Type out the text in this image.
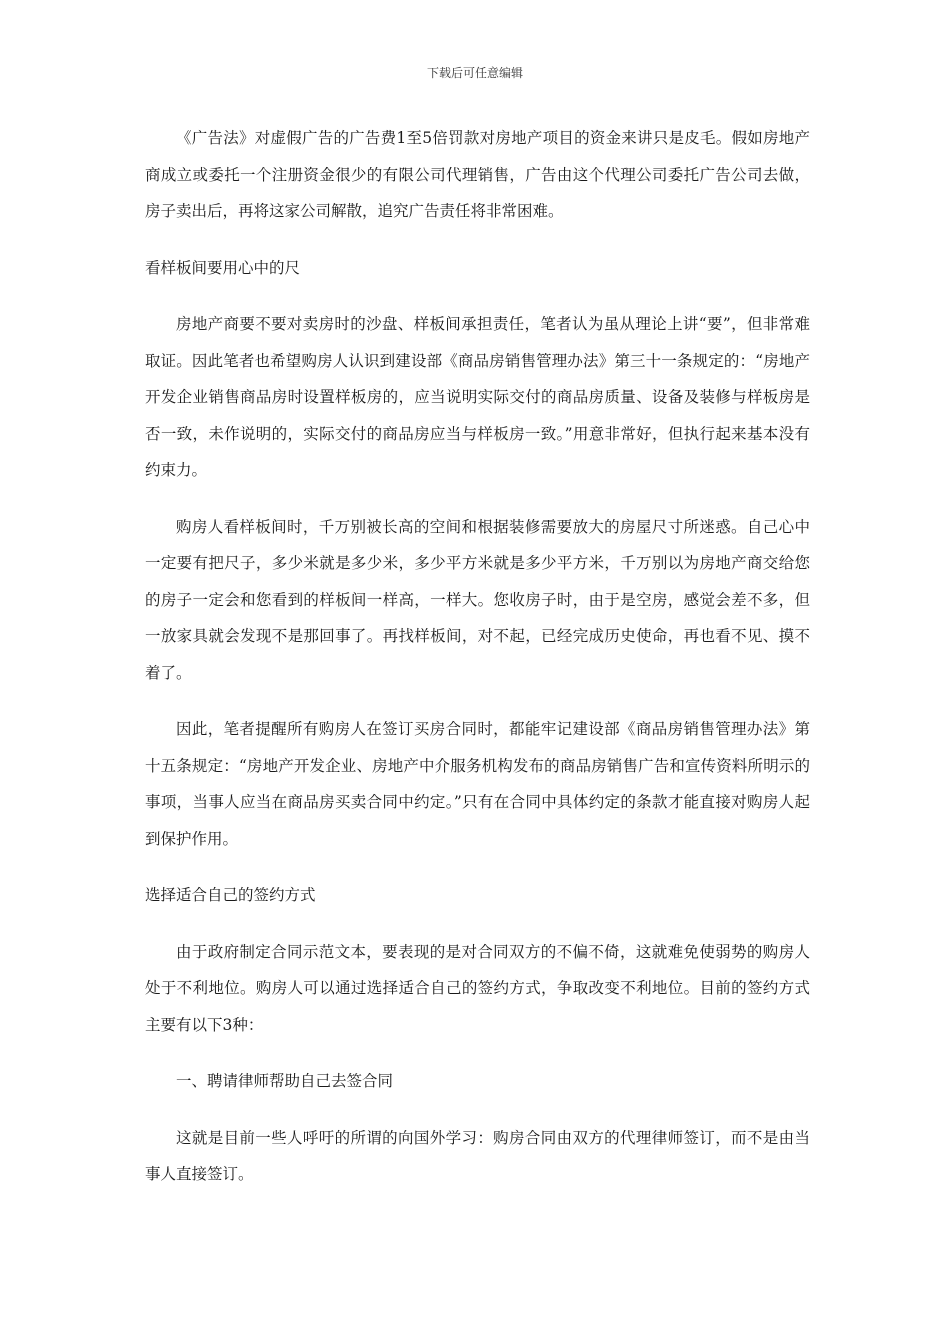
下载后可任意编辑

《广告法》对虚假广告的广告费1至5倍罚款对房地产项目的资金来讲只是皮毛。假如房地产商成立或委托一个注册资金很少的有限公司代理销售，广告由这个代理公司委托广告公司去做，房子卖出后，再将这家公司解散，追究广告责任将非常困难。

看样板间要用心中的尺

房地产商要不要对卖房时的沙盘、样板间承担责任，笔者认为虽从理论上讲“要”，但非常难取证。因此笔者也希望购房人认识到建设部《商品房销售管理办法》第三十一条规定的：“房地产开发企业销售商品房时设置样板房的，应当说明实际交付的商品房质量、设备及装修与样板房是否一致，未作说明的，实际交付的商品房应当与样板房一致。”用意非常好，但执行起来基本没有约束力。

购房人看样板间时，千万别被长高的空间和根据装修需要放大的房屋尺寸所迷惑。自己心中一定要有把尺子，多少米就是多少米，多少平方米就是多少平方米，千万别以为房地产商交给您的房子一定会和您看到的样板间一样高，一样大。您收房子时，由于是空房，感觉会差不多，但一放家具就会发现不是那回事了。再找样板间，对不起，已经完成历史使命，再也看不见、摸不着了。

因此，笔者提醒所有购房人在签订买房合同时，都能牢记建设部《商品房销售管理办法》第十五条规定：“房地产开发企业、房地产中介服务机构发布的商品房销售广告和宣传资料所明示的事项，当事人应当在商品房买卖合同中约定。”只有在合同中具体约定的条款才能直接对购房人起到保护作用。

选择适合自己的签约方式

由于政府制定合同示范文本，要表现的是对合同双方的不偏不倚，这就难免使弱势的购房人处于不利地位。购房人可以通过选择适合自己的签约方式，争取改变不利地位。目前的签约方式主要有以下3种：

一、聘请律师帮助自己去签合同

这就是目前一些人呼吁的所谓的向国外学习：购房合同由双方的代理律师签订，而不是由当事人直接签订。
